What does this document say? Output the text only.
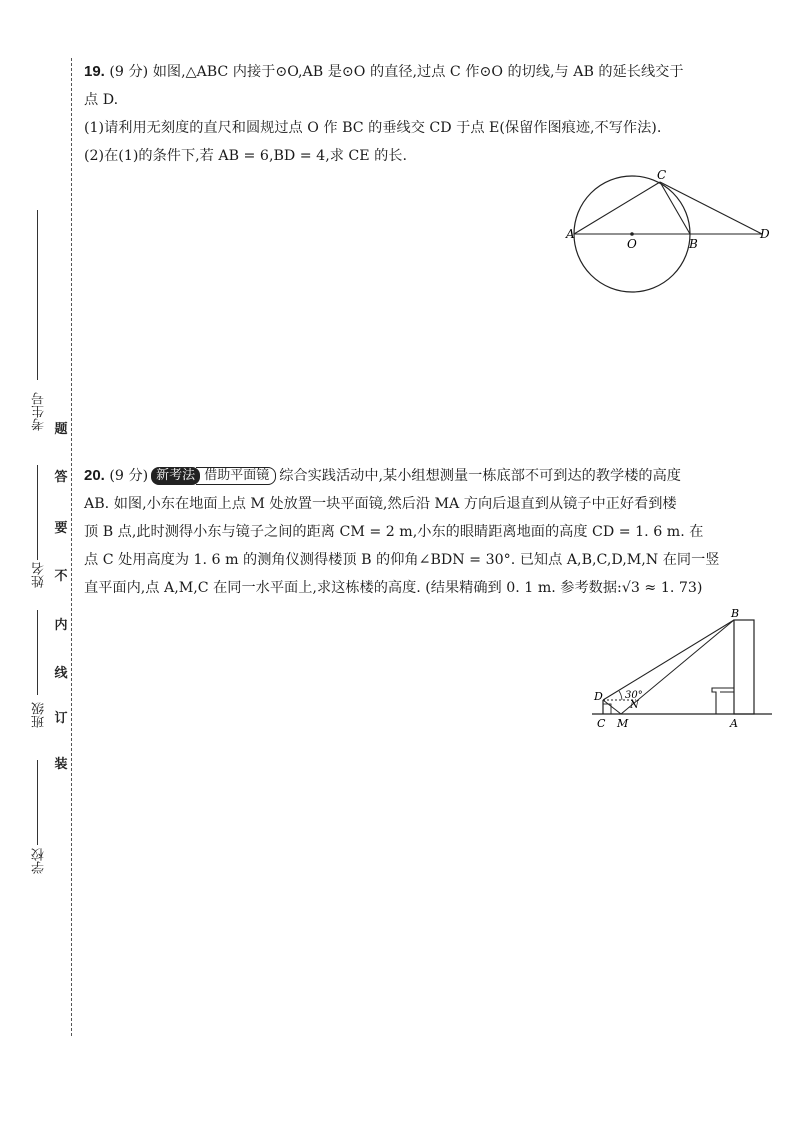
考生号
姓名
班级
学校
题
答
要
不
内
线
订
装

19. (9 分) 如图,△ABC 内接于⊙O,AB 是⊙O 的直径,过点 C 作⊙O 的切线,与 AB 的延长线交于

点 D.

(1)请利用无刻度的直尺和圆规过点 O 作 BC 的垂线交 CD 于点 E(保留作图痕迹,不写作法).

(2)在(1)的条件下,若 AB = 6,BD = 4,求 CE 的长.

A
B
C
D
O

20. (9 分) 新考法 借助平面镜 综合实践活动中,某小组想测量一栋底部不可到达的教学楼的高度

AB. 如图,小东在地面上点 M 处放置一块平面镜,然后沿 MA 方向后退直到从镜子中正好看到楼

顶 B 点,此时测得小东与镜子之间的距离 CM = 2 m,小东的眼睛距离地面的高度 CD = 1. 6 m. 在

点 C 处用高度为 1. 6 m 的测角仪测得楼顶 B 的仰角∠BDN = 30°. 已知点 A,B,C,D,M,N 在同一竖

直平面内,点 A,M,C 在同一水平面上,求这栋楼的高度. (结果精确到 0. 1 m. 参考数据:√3 ≈ 1. 73)

D 30°
N
C M	A
B
